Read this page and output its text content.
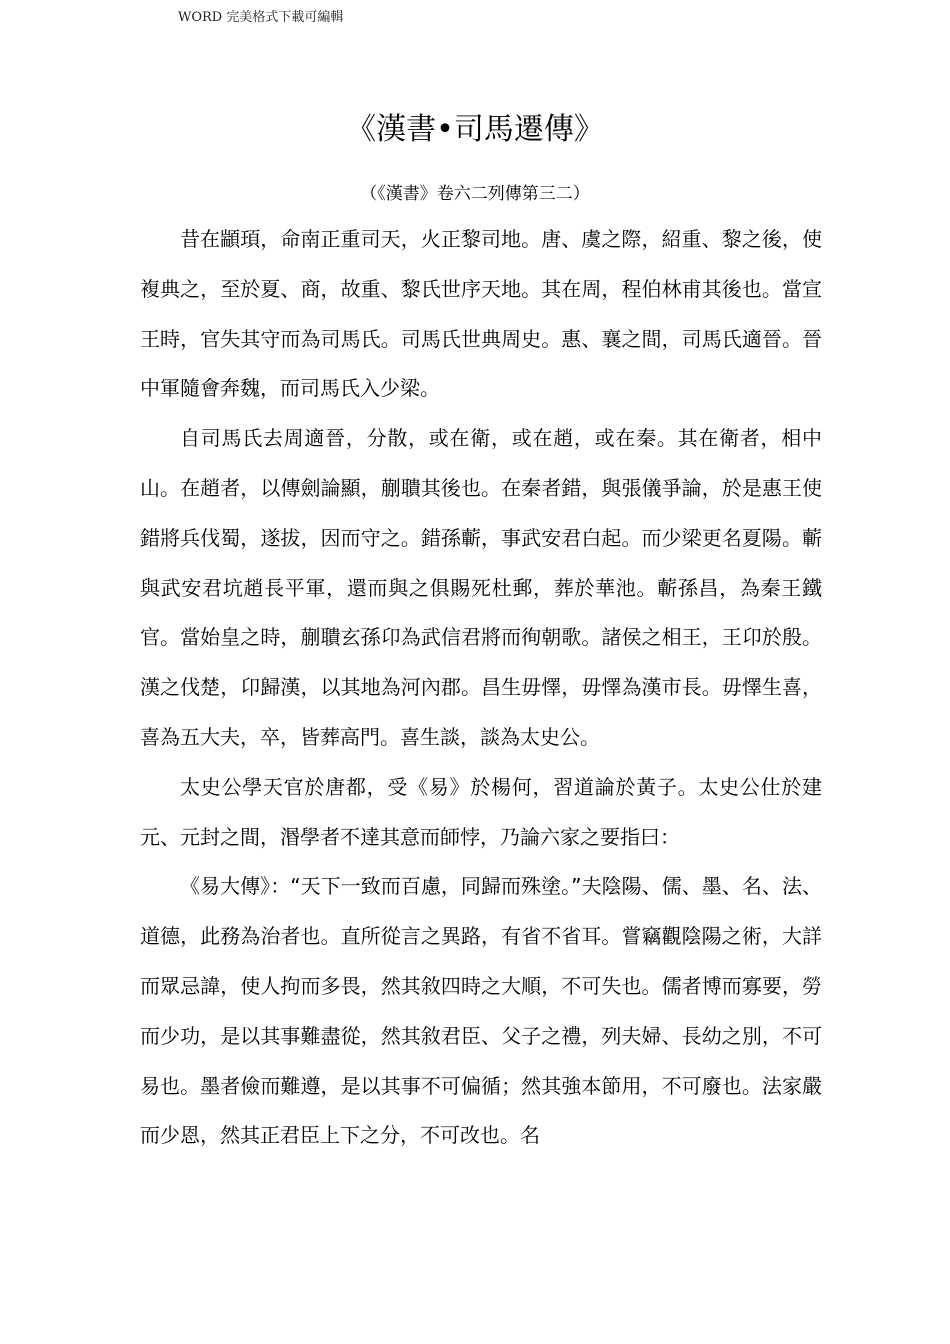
WORD 完美格式下載可編輯
《漢書•司馬遷傳》
（《漢書》卷六二列傳第三二）

昔在顓頊，命南正重司天，火正黎司地。唐、虞之際，紹重、黎之後，使複典之，至於夏、商，故重、黎氏世序天地。其在周，程伯林甫其後也。當宣王時，官失其守而為司馬氏。司馬氏世典周史。惠、襄之間，司馬氏適晉。晉中軍隨會奔魏，而司馬氏入少梁。

自司馬氏去周適晉，分散，或在衛，或在趙，或在秦。其在衛者，相中山。在趙者，以傳劍論顯，蒯聵其後也。在秦者錯，與張儀爭論，於是惠王使錯將兵伐蜀，遂拔，因而守之。錯孫蘄，事武安君白起。而少梁更名夏陽。蘄與武安君坑趙長平軍，還而與之俱賜死杜郵，葬於華池。蘄孫昌，為秦王鐵官。當始皇之時，蒯聵玄孫卬為武信君將而徇朝歌。諸侯之相王，王卬於殷。漢之伐楚，卬歸漢，以其地為河內郡。昌生毋懌，毋懌為漢市長。毋懌生喜，喜為五大夫，卒，皆葬高門。喜生談，談為太史公。

太史公學天官於唐都，受《易》於楊何，習道論於黃子。太史公仕於建元、元封之間，湣學者不達其意而師悖，乃論六家之要指曰：

《易大傳》：“天下一致而百慮，同歸而殊塗。”夫陰陽、儒、墨、名、法、道德，此務為治者也。直所從言之異路，有省不省耳。嘗竊觀陰陽之術，大詳而眾忌諱，使人拘而多畏，然其敘四時之大順，不可失也。儒者博而寡要，勞而少功，是以其事難盡從，然其敘君臣、父子之禮，列夫婦、長幼之別，不可易也。墨者儉而難遵，是以其事不可偏循；然其強本節用，不可廢也。法家嚴而少恩，然其正君臣上下之分，不可改也。名
